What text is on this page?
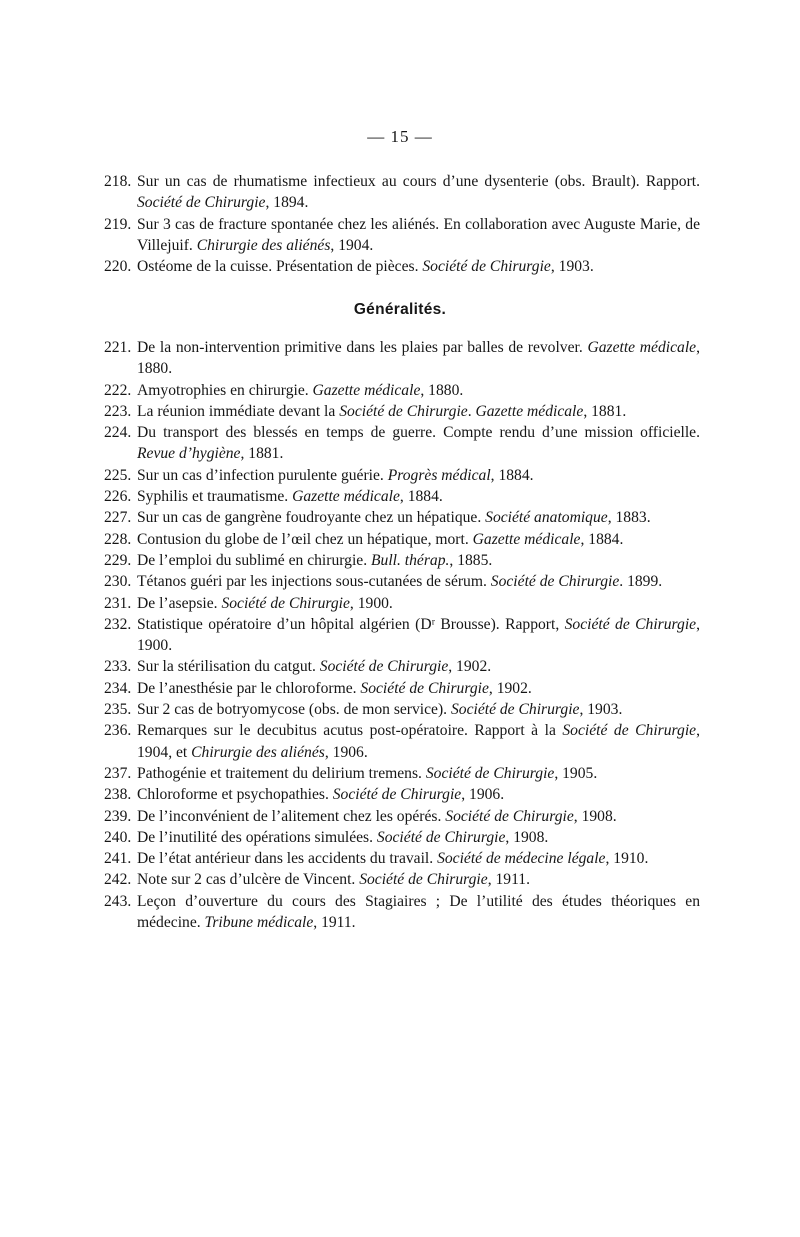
— 15 —

218. Sur un cas de rhumatisme infectieux au cours d’une dysenterie (obs. Brault). Rapport. Société de Chirurgie, 1894.

219. Sur 3 cas de fracture spontanée chez les aliénés. En collaboration avec Auguste Marie, de Villejuif. Chirurgie des aliénés, 1904.

220. Ostéome de la cuisse. Présentation de pièces. Société de Chirurgie, 1903.

Généralités.

221. De la non-intervention primitive dans les plaies par balles de revolver. Gazette médicale, 1880.

222. Amyotrophies en chirurgie. Gazette médicale, 1880.

223. La réunion immédiate devant la Société de Chirurgie. Gazette médicale, 1881.

224. Du transport des blessés en temps de guerre. Compte rendu d’une mission officielle. Revue d’hygiène, 1881.

225. Sur un cas d’infection purulente guérie. Progrès médical, 1884.

226. Syphilis et traumatisme. Gazette médicale, 1884.

227. Sur un cas de gangrène foudroyante chez un hépatique. Société anatomique, 1883.

228. Contusion du globe de l’œil chez un hépatique, mort. Gazette médicale, 1884.

229. De l’emploi du sublimé en chirurgie. Bull. thérap., 1885.

230. Tétanos guéri par les injections sous-cutanées de sérum. Société de Chirurgie. 1899.

231. De l’asepsie. Société de Chirurgie, 1900.

232. Statistique opératoire d’un hôpital algérien (Dʳ Brousse). Rapport, Société de Chirurgie, 1900.

233. Sur la stérilisation du catgut. Société de Chirurgie, 1902.

234. De l’anesthésie par le chloroforme. Société de Chirurgie, 1902.

235. Sur 2 cas de botryomycose (obs. de mon service). Société de Chirurgie, 1903.

236. Remarques sur le decubitus acutus post-opératoire. Rapport à la Société de Chirurgie, 1904, et Chirurgie des aliénés, 1906.

237. Pathogénie et traitement du delirium tremens. Société de Chirurgie, 1905.

238. Chloroforme et psychopathies. Société de Chirurgie, 1906.

239. De l’inconvénient de l’alitement chez les opérés. Société de Chirurgie, 1908.

240. De l’inutilité des opérations simulées. Société de Chirurgie, 1908.

241. De l’état antérieur dans les accidents du travail. Société de médecine légale, 1910.

242. Note sur 2 cas d’ulcère de Vincent. Société de Chirurgie, 1911.

243. Leçon d’ouverture du cours des Stagiaires ; De l’utilité des études théoriques en médecine. Tribune médicale, 1911.
